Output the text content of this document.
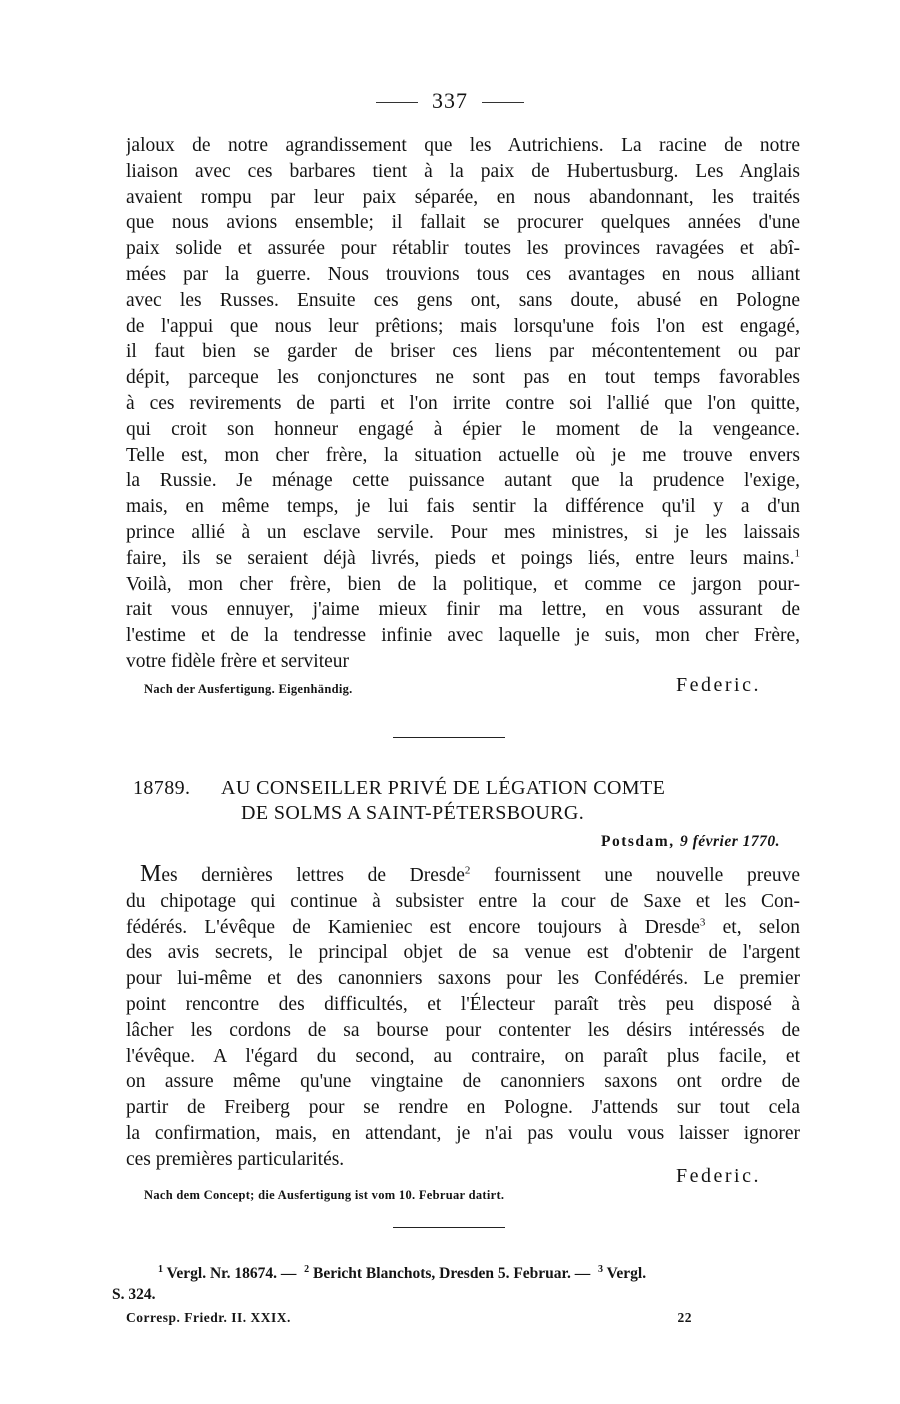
337
jaloux de notre agrandissement que les Autrichiens. La racine de notre
liaison avec ces barbares tient à la paix de Hubertusburg. Les Anglais
avaient rompu par leur paix séparée, en nous abandonnant, les traités
que nous avions ensemble; il fallait se procurer quelques années d'une
paix solide et assurée pour rétablir toutes les provinces ravagées et abî-
mées par la guerre. Nous trouvions tous ces avantages en nous alliant
avec les Russes. Ensuite ces gens ont, sans doute, abusé en Pologne
de l'appui que nous leur prêtions; mais lorsqu'une fois l'on est engagé,
il faut bien se garder de briser ces liens par mécontentement ou par
dépit, parceque les conjonctures ne sont pas en tout temps favorables
à ces revirements de parti et l'on irrite contre soi l'allié que l'on quitte,
qui croit son honneur engagé à épier le moment de la vengeance.
Telle est, mon cher frère, la situation actuelle où je me trouve envers
la Russie. Je ménage cette puissance autant que la prudence l'exige,
mais, en même temps, je lui fais sentir la différence qu'il y a d'un
prince allié à un esclave servile. Pour mes ministres, si je les laissais
faire, ils se seraient déjà livrés, pieds et poings liés, entre leurs mains.$^1$
Voilà, mon cher frère, bien de la politique, et comme ce jargon pour-
rait vous ennuyer, j'aime mieux finir ma lettre, en vous assurant de
l'estime et de la tendresse infinie avec laquelle je suis, mon cher Frère,
votre fidèle frère et serviteur
Nach der Ausfertigung. Eigenhändig.	Federic.
18789. AU CONSEILLER PRIVÉ DE LÉGATION COMTE
DE SOLMS A SAINT-PÉTERSBOURG.
Potsdam, 9 février 1770.
Mes dernières lettres de Dresde$^2$ fournissent une nouvelle preuve
du chipotage qui continue à subsister entre la cour de Saxe et les Con-
fédérés. L'évêque de Kamieniec est encore toujours à Dresde$^3$ et, selon
des avis secrets, le principal objet de sa venue est d'obtenir de l'argent
pour lui-même et des canonniers saxons pour les Confédérés. Le premier
point rencontre des difficultés, et l'Électeur paraît très peu disposé à
lâcher les cordons de sa bourse pour contenter les désirs intéressés de
l'évêque. A l'égard du second, au contraire, on paraît plus facile, et
on assure même qu'une vingtaine de canonniers saxons ont ordre de
partir de Freiberg pour se rendre en Pologne. J'attends sur tout cela
la confirmation, mais, en attendant, je n'ai pas voulu vous laisser ignorer
ces premières particularités.
Federic.
Nach dem Concept; die Ausfertigung ist vom 10. Februar datirt.
$^1$ Vergl. Nr. 18674. — $^2$ Bericht Blanchots, Dresden 5. Februar. — $^3$ Vergl.
S. 324.
Corresp. Friedr. II. XXIX.	22
